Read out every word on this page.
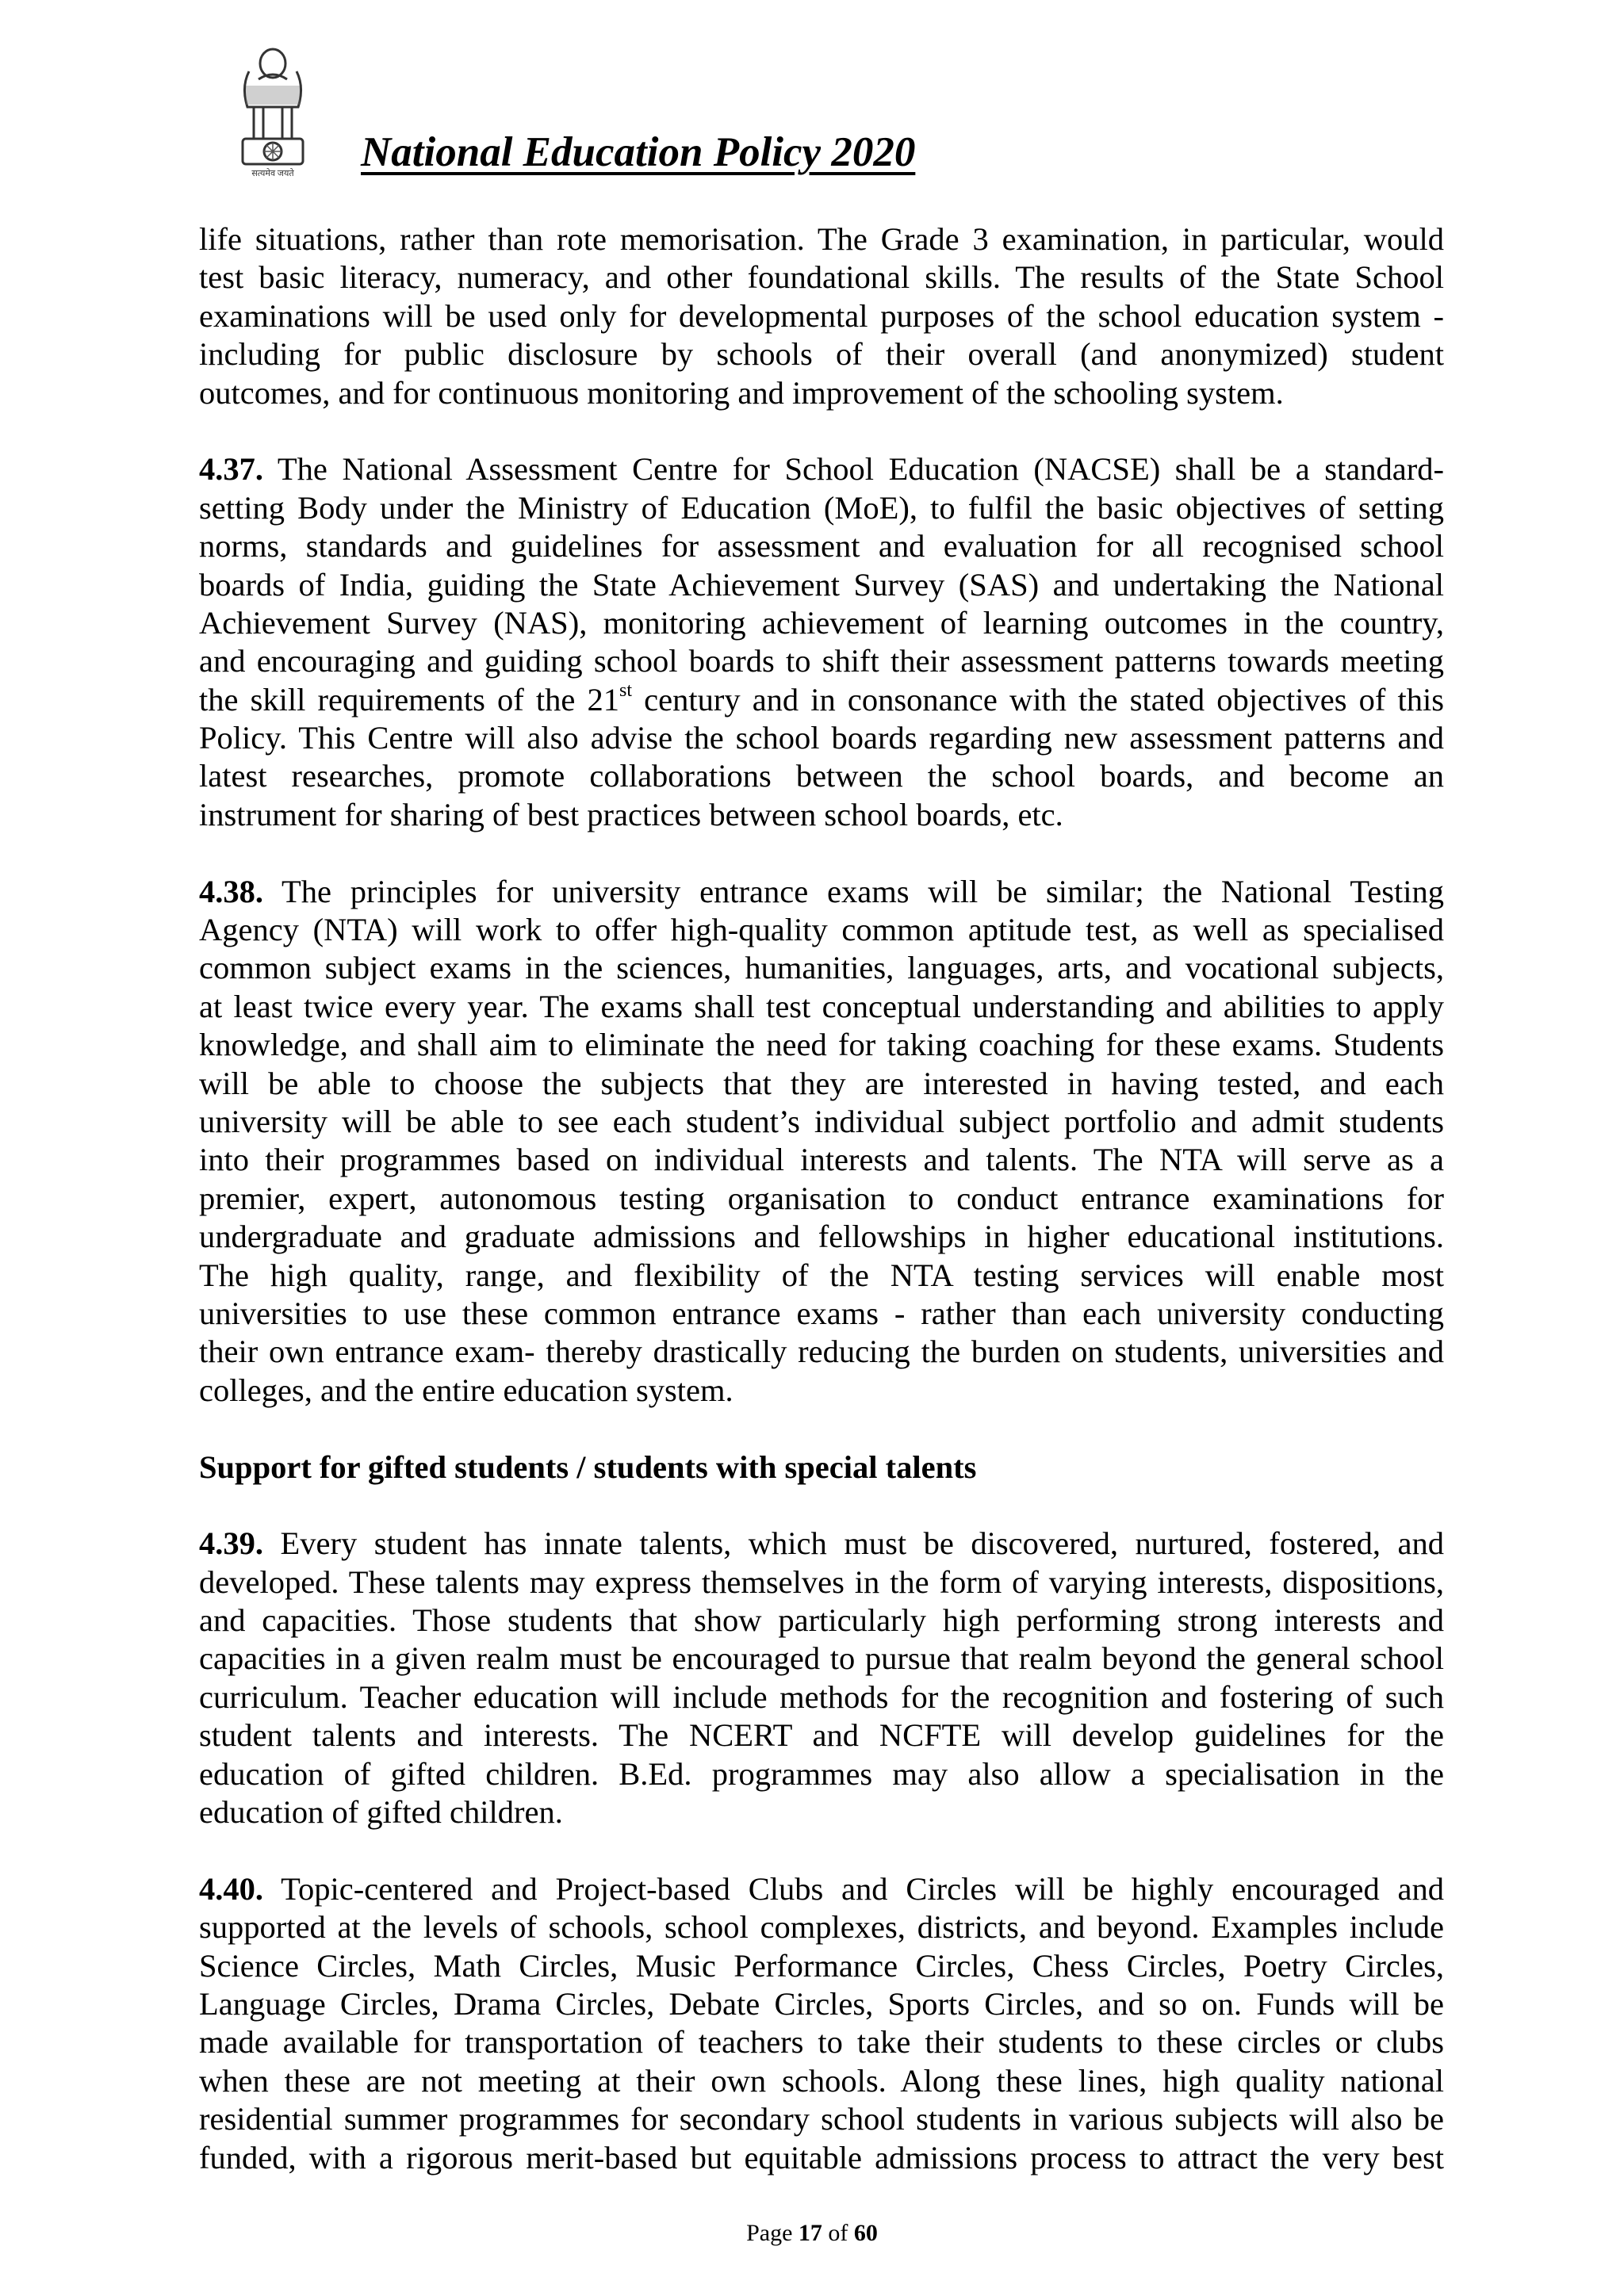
सत्यमेव जयते National Education Policy 2020
life situations, rather than rote memorisation. The Grade 3 examination, in particular, would
test basic literacy, numeracy, and other foundational skills. The results of the State School
examinations will be used only for developmental purposes of the school education system -
including for public disclosure by schools of their overall (and anonymized) student
outcomes, and for continuous monitoring and improvement of the schooling system.
4.37. The National Assessment Centre for School Education (NACSE) shall be a standard-
setting Body under the Ministry of Education (MoE), to fulfil the basic objectives of setting
norms, standards and guidelines for assessment and evaluation for all recognised school
boards of India, guiding the State Achievement Survey (SAS) and undertaking the National
Achievement Survey (NAS), monitoring achievement of learning outcomes in the country,
and encouraging and guiding school boards to shift their assessment patterns towards meeting
the skill requirements of the 21st century and in consonance with the stated objectives of this
Policy. This Centre will also advise the school boards regarding new assessment patterns and
latest researches, promote collaborations between the school boards, and become an
instrument for sharing of best practices between school boards, etc.
4.38. The principles for university entrance exams will be similar; the National Testing
Agency (NTA) will work to offer high-quality common aptitude test, as well as specialised
common subject exams in the sciences, humanities, languages, arts, and vocational subjects,
at least twice every year. The exams shall test conceptual understanding and abilities to apply
knowledge, and shall aim to eliminate the need for taking coaching for these exams. Students
will be able to choose the subjects that they are interested in having tested, and each
university will be able to see each student’s individual subject portfolio and admit students
into their programmes based on individual interests and talents. The NTA will serve as a
premier, expert, autonomous testing organisation to conduct entrance examinations for
undergraduate and graduate admissions and fellowships in higher educational institutions.
The high quality, range, and flexibility of the NTA testing services will enable most
universities to use these common entrance exams - rather than each university conducting
their own entrance exam- thereby drastically reducing the burden on students, universities and
colleges, and the entire education system.
Support for gifted students / students with special talents
4.39. Every student has innate talents, which must be discovered, nurtured, fostered, and
developed. These talents may express themselves in the form of varying interests, dispositions,
and capacities. Those students that show particularly high performing strong interests and
capacities in a given realm must be encouraged to pursue that realm beyond the general school
curriculum. Teacher education will include methods for the recognition and fostering of such
student talents and interests. The NCERT and NCFTE will develop guidelines for the
education of gifted children. B.Ed. programmes may also allow a specialisation in the
education of gifted children.
4.40. Topic-centered and Project-based Clubs and Circles will be highly encouraged and
supported at the levels of schools, school complexes, districts, and beyond. Examples include
Science Circles, Math Circles, Music Performance Circles, Chess Circles, Poetry Circles,
Language Circles, Drama Circles, Debate Circles, Sports Circles, and so on. Funds will be
made available for transportation of teachers to take their students to these circles or clubs
when these are not meeting at their own schools. Along these lines, high quality national
residential summer programmes for secondary school students in various subjects will also be
funded, with a rigorous merit-based but equitable admissions process to attract the very best
Page 17 of 60
